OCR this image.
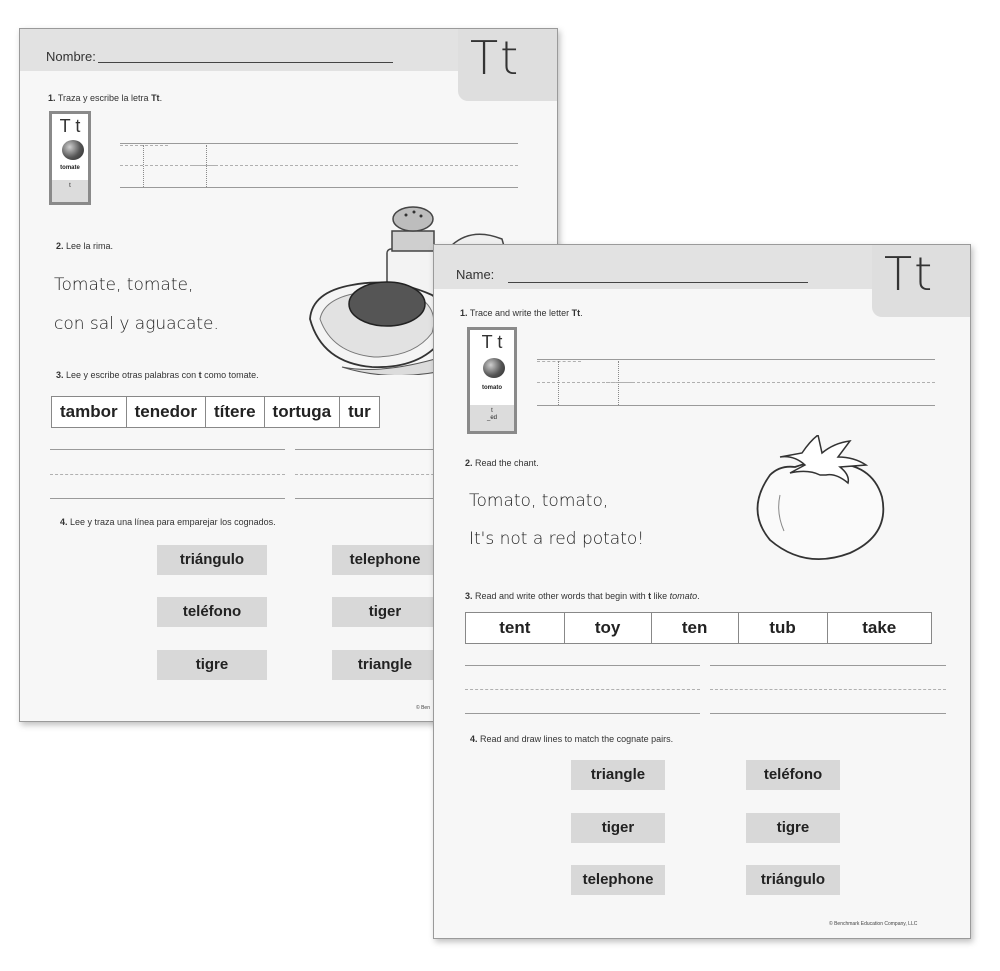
Nombre:	Tt
1. Traza y escribe la letra Tt.
T t
tomate
t
2. Lee la rima.
Tomate, tomate,
con sal y aguacate.
3. Lee y escribe otras palabras con t como tomate.
tambor	tenedor	títere	tortuga	tur
4. Lee y traza una línea para emparejar los cognados.
triángulo
teléfono
tigre
telephone
tiger
triangle
© Ben
Name:	Tt
1. Trace and write the letter Tt.
T t
tomato
t
_ed
2. Read the chant.
Tomato, tomato,
It's not a red potato!
3. Read and write other words that begin with t like tomato.
tent	toy	ten	tub	take
4. Read and draw lines to match the cognate pairs.
triangle
tiger
telephone
teléfono
tigre
triángulo
© Benchmark Education Company, LLC
